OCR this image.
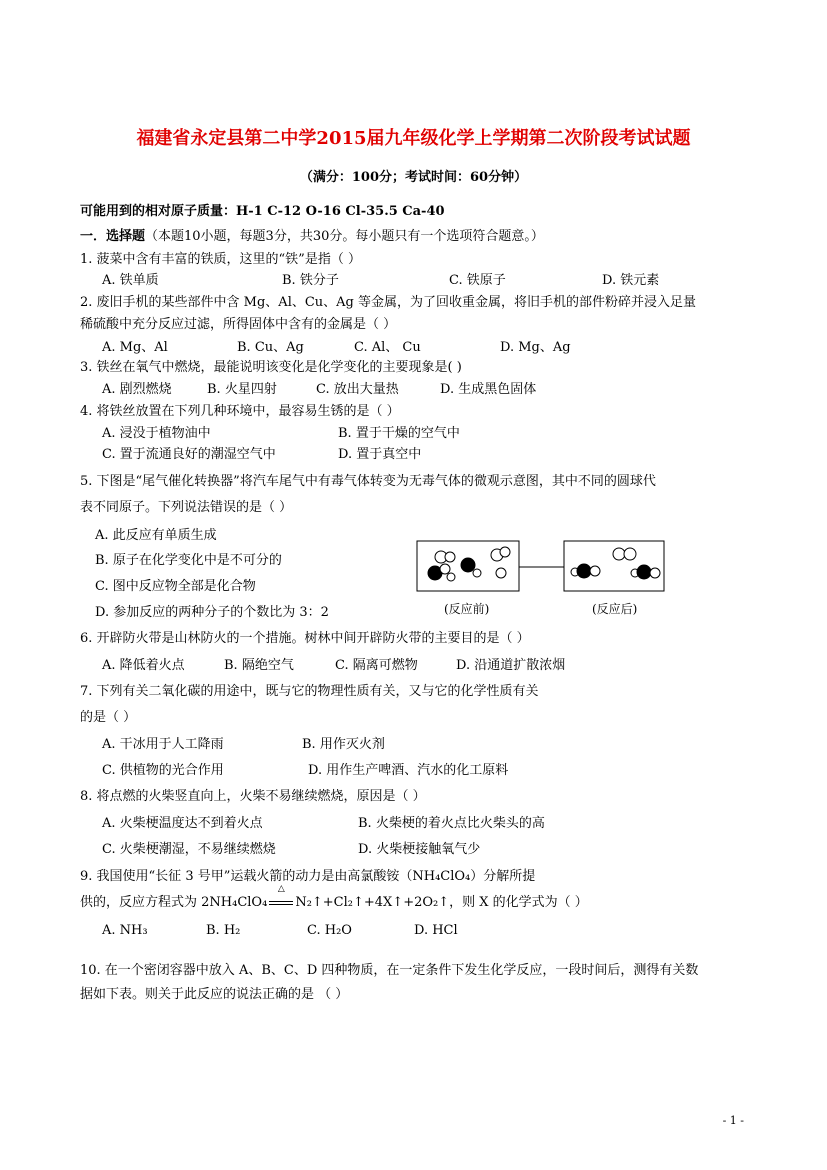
福建省永定县第二中学2015届九年级化学上学期第二次阶段考试试题
（满分：100分；考试时间：60分钟）
可能用到的相对原子质量：H-1 C-12 O-16 Cl-35.5 Ca-40
一．选择题（本题10小题，每题3分，共30分。每小题只有一个选项符合题意。）
1. 菠菜中含有丰富的铁质，这里的“铁”是指（ ）
A. 铁单质	B. 铁分子	C. 铁原子	D. 铁元素
2. 废旧手机的某些部件中含 Mg、Al、Cu、Ag 等金属，为了回收重金属，将旧手机的部件粉碎并浸入足量
稀硫酸中充分反应过滤，所得固体中含有的金属是（ ）
A. Mg、Al	B. Cu、Ag	C. Al、 Cu	D. Mg、Ag
3. 铁丝在氧气中燃烧，最能说明该变化是化学变化的主要现象是( )
A. 剧烈燃烧	B. 火星四射	C. 放出大量热	D. 生成黑色固体
4. 将铁丝放置在下列几种环境中，最容易生锈的是（ ）
A. 浸没于植物油中	B. 置于干燥的空气中
C. 置于流通良好的潮湿空气中	D. 置于真空中
5. 下图是“尾气催化转换器”将汽车尾气中有毒气体转变为无毒气体的微观示意图，其中不同的圆球代
表不同原子。下列说法错误的是（ ）
A. 此反应有单质生成
B. 原子在化学变化中是不可分的
C. 图中反应物全部是化合物
D. 参加反应的两种分子的个数比为 3：2	(反应前)	(反应后)
6. 开辟防火带是山林防火的一个措施。树林中间开辟防火带的主要目的是（ ）
A. 降低着火点	B. 隔绝空气	C. 隔离可燃物	D. 沿通道扩散浓烟
7. 下列有关二氧化碳的用途中，既与它的物理性质有关，又与它的化学性质有关
的是（ ）
A. 干冰用于人工降雨	B. 用作灭火剂
C. 供植物的光合作用	D. 用作生产啤酒、汽水的化工原料
8. 将点燃的火柴竖直向上，火柴不易继续燃烧，原因是（ ）
A. 火柴梗温度达不到着火点	B. 火柴梗的着火点比火柴头的高
C. 火柴梗潮湿，不易继续燃烧	D. 火柴梗接触氧气少
9. 我国使用“长征 3 号甲”运载火箭的动力是由高氯酸铵（NH₄ClO₄）分解所提
供的，反应方程式为 2NH₄ClO₄
△
N₂↑+Cl₂↑+4X↑+2O₂↑，则 X 的化学式为（ ）
A. NH₃	B. H₂	C. H₂O	D. HCl
10. 在一个密闭容器中放入 A、B、C、D 四种物质，在一定条件下发生化学反应，一段时间后，测得有关数
据如下表。则关于此反应的说法正确的是 （ ）
- 1 -
